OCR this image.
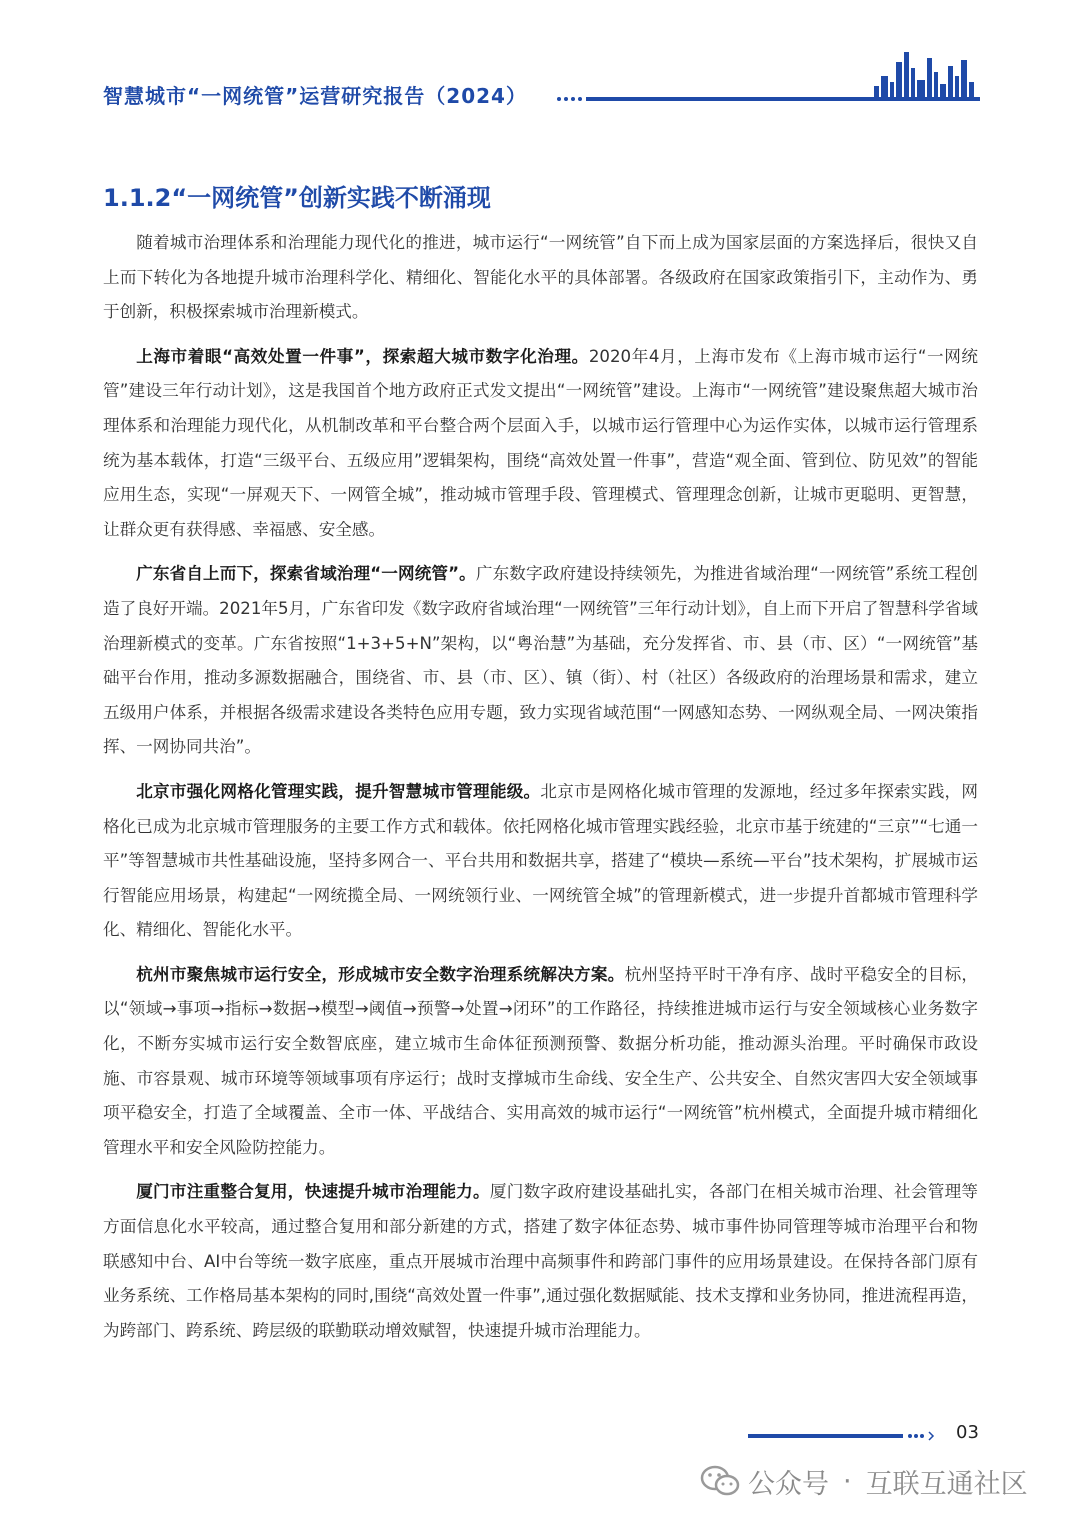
智慧城市“一网统管”运营研究报告（2024）
1.1.2“一网统管”创新实践不断涌现

随着城市治理体系和治理能力现代化的推进，城市运行“一网统管”自下而上成为国家层面的方案选择后，很快又自上而下转化为各地提升城市治理科学化、精细化、智能化水平的具体部署。各级政府在国家政策指引下，主动作为、勇于创新，积极探索城市治理新模式。

上海市着眼“高效处置一件事”，探索超大城市数字化治理。2020年4月，上海市发布《上海市城市运行“一网统管”建设三年行动计划》，这是我国首个地方政府正式发文提出“一网统管”建设。上海市“一网统管”建设聚焦超大城市治理体系和治理能力现代化，从机制改革和平台整合两个层面入手，以城市运行管理中心为运作实体，以城市运行管理系统为基本载体，打造“三级平台、五级应用”逻辑架构，围绕“高效处置一件事”，营造“观全面、管到位、防见效”的智能应用生态，实现“一屏观天下、一网管全城”，推动城市管理手段、管理模式、管理理念创新，让城市更聪明、更智慧，让群众更有获得感、幸福感、安全感。

广东省自上而下，探索省域治理“一网统管”。广东数字政府建设持续领先，为推进省域治理“一网统管”系统工程创造了良好开端。2021年5月，广东省印发《数字政府省域治理“一网统管”三年行动计划》，自上而下开启了智慧科学省域治理新模式的变革。广东省按照“1+3+5+N”架构，以“粤治慧”为基础，充分发挥省、市、县（市、区）“一网统管”基础平台作用，推动多源数据融合，围绕省、市、县（市、区）、镇（街）、村（社区）各级政府的治理场景和需求，建立五级用户体系，并根据各级需求建设各类特色应用专题，致力实现省域范围“一网感知态势、一网纵观全局、一网决策指挥、一网协同共治”。

北京市强化网格化管理实践，提升智慧城市管理能级。北京市是网格化城市管理的发源地，经过多年探索实践，网格化已成为北京城市管理服务的主要工作方式和载体。依托网格化城市管理实践经验，北京市基于统建的“三京”“七通一平”等智慧城市共性基础设施，坚持多网合一、平台共用和数据共享，搭建了“模块—系统—平台”技术架构，扩展城市运行智能应用场景，构建起“一网统揽全局、一网统领行业、一网统管全城”的管理新模式，进一步提升首都城市管理科学化、精细化、智能化水平。

杭州市聚焦城市运行安全，形成城市安全数字治理系统解决方案。杭州坚持平时干净有序、战时平稳安全的目标，以“领域→事项→指标→数据→模型→阈值→预警→处置→闭环”的工作路径，持续推进城市运行与安全领域核心业务数字化，不断夯实城市运行安全数智底座，建立城市生命体征预测预警、数据分析功能，推动源头治理。平时确保市政设施、市容景观、城市环境等领域事项有序运行；战时支撑城市生命线、安全生产、公共安全、自然灾害四大安全领域事项平稳安全，打造了全域覆盖、全市一体、平战结合、实用高效的城市运行“一网统管”杭州模式，全面提升城市精细化管理水平和安全风险防控能力。

厦门市注重整合复用，快速提升城市治理能力。厦门数字政府建设基础扎实，各部门在相关城市治理、社会管理等方面信息化水平较高，通过整合复用和部分新建的方式，搭建了数字体征态势、城市事件协同管理等城市治理平台和物联感知中台、AI中台等统一数字底座，重点开展城市治理中高频事件和跨部门事件的应用场景建设。在保持各部门原有业务系统、工作格局基本架构的同时,围绕“高效处置一件事”,通过强化数据赋能、技术支撑和业务协同，推进流程再造，为跨部门、跨系统、跨层级的联勤联动增效赋智，快速提升城市治理能力。

03
公众号 · 互联互通社区
